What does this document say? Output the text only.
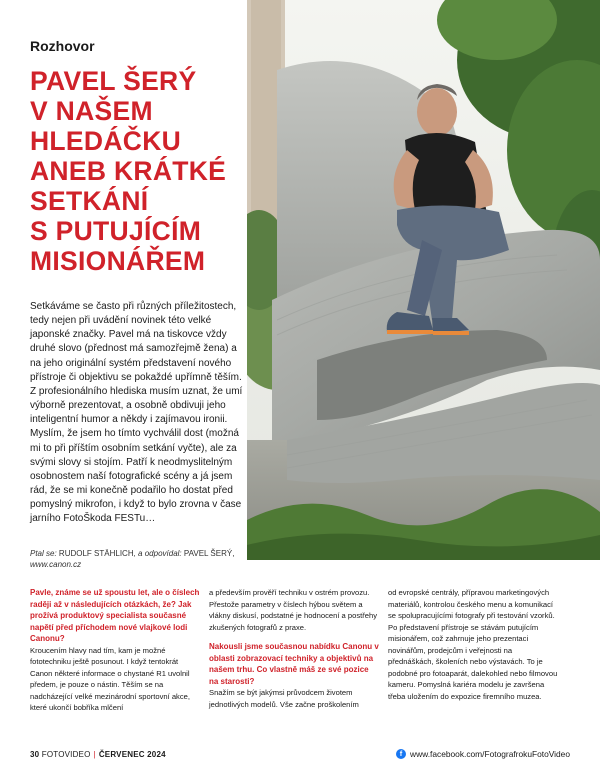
Rozhovor
PAVEL ŠERÝ
V NAŠEM
HLEDÁČKU
ANEB KRÁTKÉ
SETKÁNÍ
S PUTUJÍCÍM
MISIONÁŘEM

Setkáváme se často při různých příležitostech, tedy nejen při uvádění novinek této velké japonské značky. Pavel má na tiskovce vždy druhé slovo (přednost má samozřejmě žena) a na jeho originální systém představení nového přístroje či objektivu se pokaždé upřímně těším. Z profesionálního hlediska musím uznat, že umí výborně prezentovat, a osobně obdivuji jeho inteligentní humor a někdy i zajímavou ironii. Myslím, že jsem ho tímto vychválil dost (možná mi to při příštím osobním setkání vyčte), ale za svými slovy si stojím. Patří k neodmyslitelným osobnostem naší fotografické scény a já jsem rád, že se mi konečně podařilo ho dostat před pomyslný mikrofon, i když to bylo zrovna v čase jarního FotoŠkoda FESTu…

Ptal se: RUDOLF STÄHLICH, a odpovídal: PAVEL ŠERÝ,
www.canon.cz

Pavle, známe se už spoustu let, ale o číslech raději až v následujících otázkách, že? Jak prožívá produktový specialista současné napětí před příchodem nové vlajkové lodi Canonu?

Kroucením hlavy nad tím, kam je možné fototechniku ještě posunout. I když tentokrát Canon některé informace o chystané R1 uvolnil předem, je pouze o nástin. Těším se na nadcházející velké mezinárodní sportovní akce, které ukončí bobříka mlčení

a především prověří techniku v ostrém provozu. Přestože parametry v číslech hýbou světem a vlákny diskusí, podstatné je hodnocení a postřehy zkušených fotografů z praxe.

Nakousli jsme současnou nabídku Canonu v oblasti zobrazovací techniky a objektivů na našem trhu. Co vlastně máš ze své pozice na starosti?

Snažím se být jakýmsi průvodcem životem jednotlivých modelů. Vše začne proškolením

od evropské centrály, přípravou marketingových materiálů, kontrolou českého menu a komunikací se spolupracujícími fotografy při testování vzorků. Po představení přístroje se stávám putujícím misionářem, což zahrnuje jeho prezentaci novinářům, prodejcům i veřejnosti na přednáškách, školeních nebo výstavách. To je podobné pro fotoaparát, dalekohled nebo filmovou kameru. Pomyslná kariéra modelu je završena třeba uložením do expozice firemního muzea.

30 FOTOVIDEO | ČERVENEC 2024	f www.facebook.com/FotografrokuFotoVideo
